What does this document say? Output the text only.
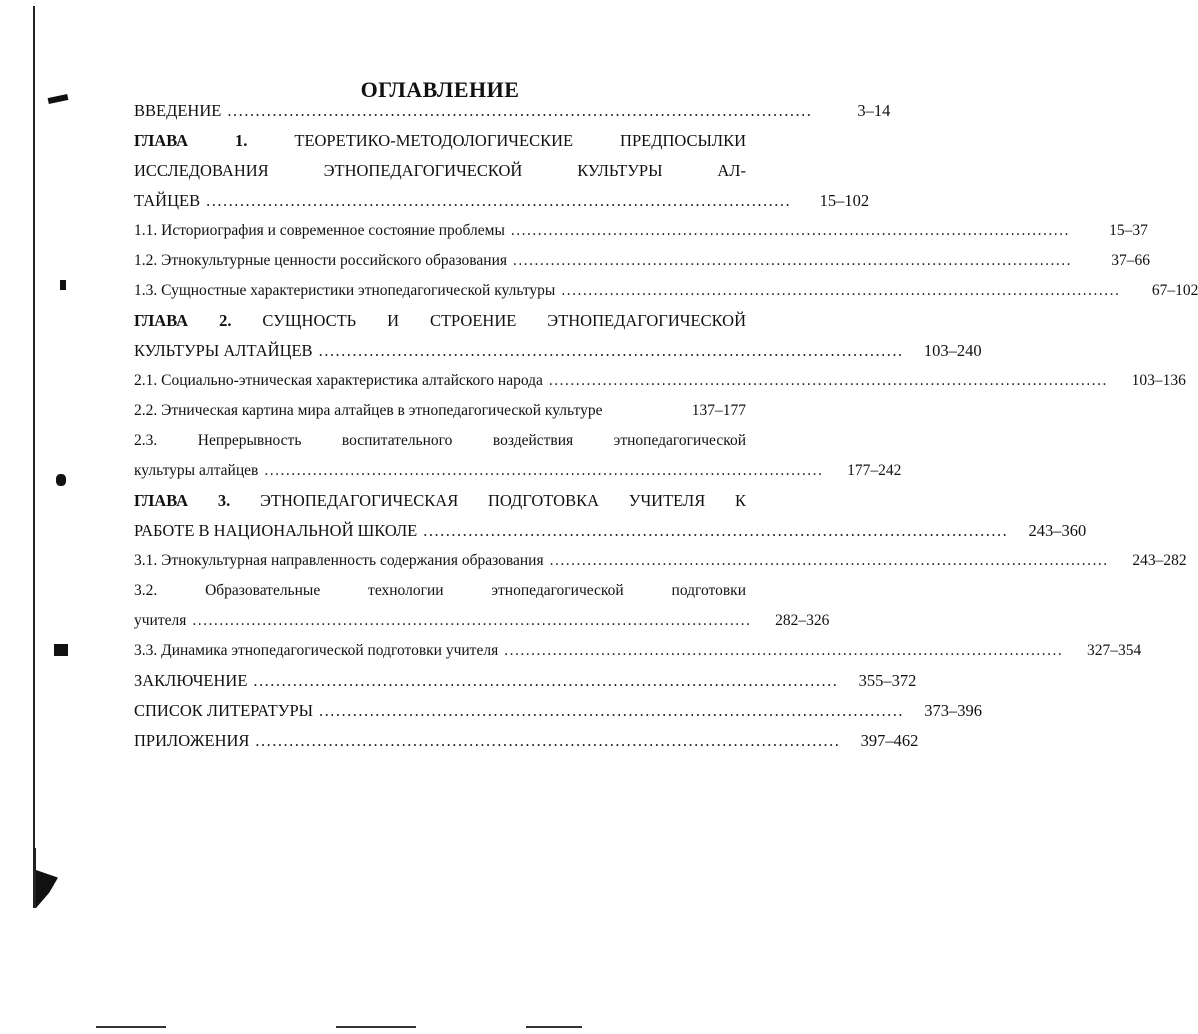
ОГЛАВЛЕНИЕ
ВВЕДЕНИЕ ........................................................................................................	3–14
ГЛАВА 1.	ТЕОРЕТИКО-МЕТОДОЛОГИЧЕСКИЕ ПРЕДПОСЫЛКИ
ИССЛЕДОВАНИЯ ЭТНОПЕДАГОГИЧЕСКОЙ КУЛЬТУРЫ АЛ-
ТАЙЦЕВ ........................................................................................................	15–102
1.1. Историография и современное состояние проблемы ........................................................................................................	15–37
1.2. Этнокультурные ценности российского образования ........................................................................................................	37–66
1.3. Сущностные характеристики этнопедагогической культуры ........................................................................................................	67–102
ГЛАВА 2. СУЩНОСТЬ И СТРОЕНИЕ ЭТНОПЕДАГОГИЧЕСКОЙ
КУЛЬТУРЫ АЛТАЙЦЕВ ........................................................................................................	103–240
2.1. Социально-этническая характеристика алтайского народа ........................................................................................................	103–136
2.2. Этническая картина мира алтайцев в этнопедагогической культуре	137–177
2.3. Непрерывность воспитательного воздействия этнопедагогической
культуры алтайцев ........................................................................................................	177–242
ГЛАВА 3. ЭТНОПЕДАГОГИЧЕСКАЯ ПОДГОТОВКА УЧИТЕЛЯ К
РАБОТЕ В НАЦИОНАЛЬНОЙ ШКОЛЕ ........................................................................................................	243–360
3.1. Этнокультурная направленность содержания образования ........................................................................................................	243–282
3.2. Образовательные технологии этнопедагогической подготовки
учителя ........................................................................................................	282–326
3.3. Динамика этнопедагогической подготовки учителя ........................................................................................................	327–354
ЗАКЛЮЧЕНИЕ ........................................................................................................	355–372
СПИСОК ЛИТЕРАТУРЫ ........................................................................................................	373–396
ПРИЛОЖЕНИЯ ........................................................................................................	397–462
